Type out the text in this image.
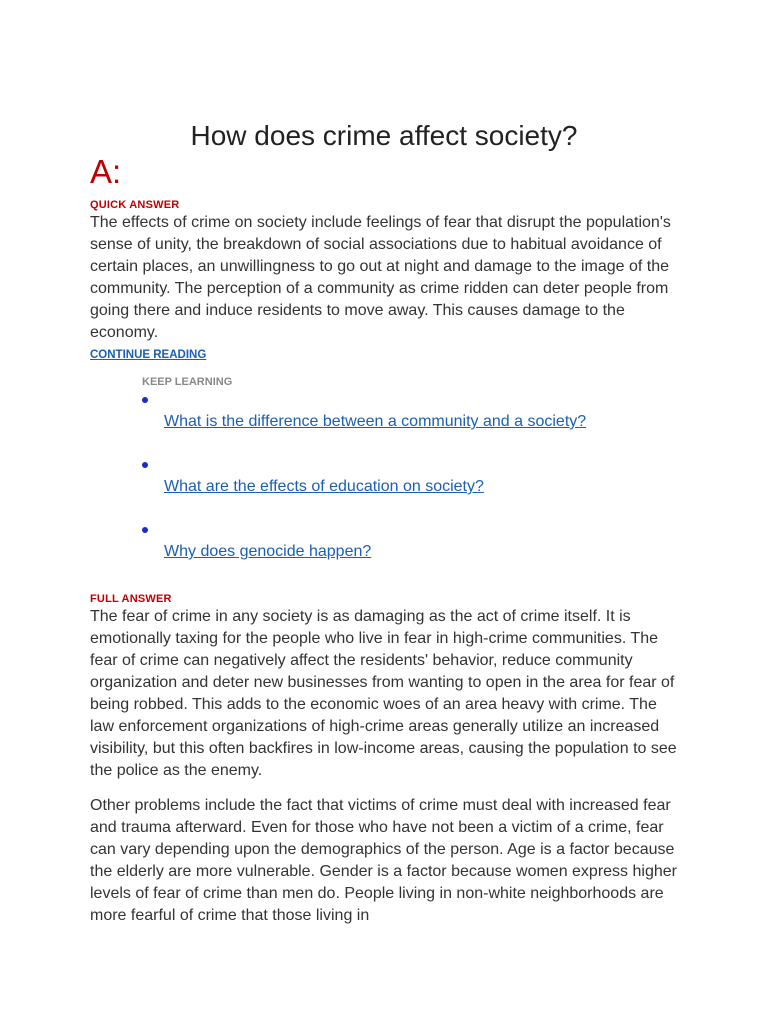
How does crime affect society?
A:
QUICK ANSWER

The effects of crime on society include feelings of fear that disrupt the population's sense of unity, the breakdown of social associations due to habitual avoidance of certain places, an unwillingness to go out at night and damage to the image of the community. The perception of a community as crime ridden can deter people from going there and induce residents to move away. This causes damage to the economy.

CONTINUE READING
KEEP LEARNING
What is the difference between a community and a society?
What are the effects of education on society?
Why does genocide happen?
FULL ANSWER

The fear of crime in any society is as damaging as the act of crime itself. It is emotionally taxing for the people who live in fear in high-crime communities. The fear of crime can negatively affect the residents' behavior, reduce community organization and deter new businesses from wanting to open in the area for fear of being robbed. This adds to the economic woes of an area heavy with crime. The law enforcement organizations of high-crime areas generally utilize an increased visibility, but this often backfires in low-income areas, causing the population to see the police as the enemy.

Other problems include the fact that victims of crime must deal with increased fear and trauma afterward. Even for those who have not been a victim of a crime, fear can vary depending upon the demographics of the person. Age is a factor because the elderly are more vulnerable. Gender is a factor because women express higher levels of fear of crime than men do. People living in non-white neighborhoods are more fearful of crime that those living in
